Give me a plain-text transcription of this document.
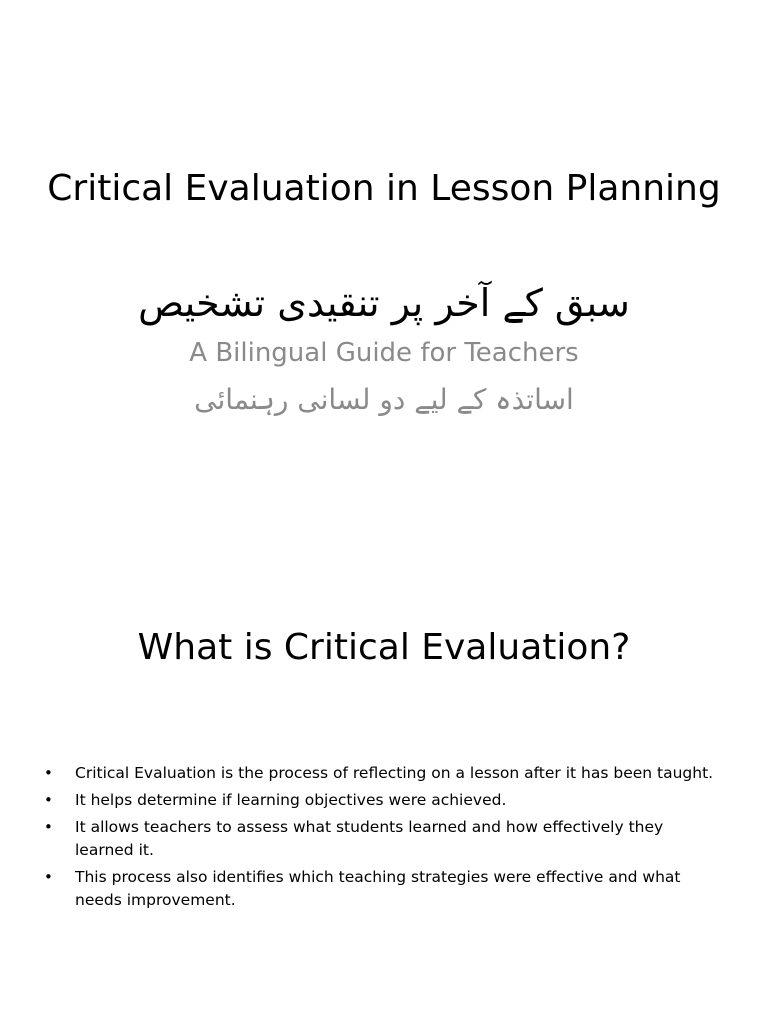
Critical Evaluation in Lesson Planning
سبق کے آخر پر تنقیدی تشخیص
A Bilingual Guide for Teachers
اساتذہ کے لیے دو لسانی رہنمائی
What is Critical Evaluation?
• Critical Evaluation is the process of reflecting on a lesson after it has been taught.
• It helps determine if learning objectives were achieved.
• It allows teachers to assess what students learned and how effectively they learned it.
• This process also identifies which teaching strategies were effective and what needs improvement.
